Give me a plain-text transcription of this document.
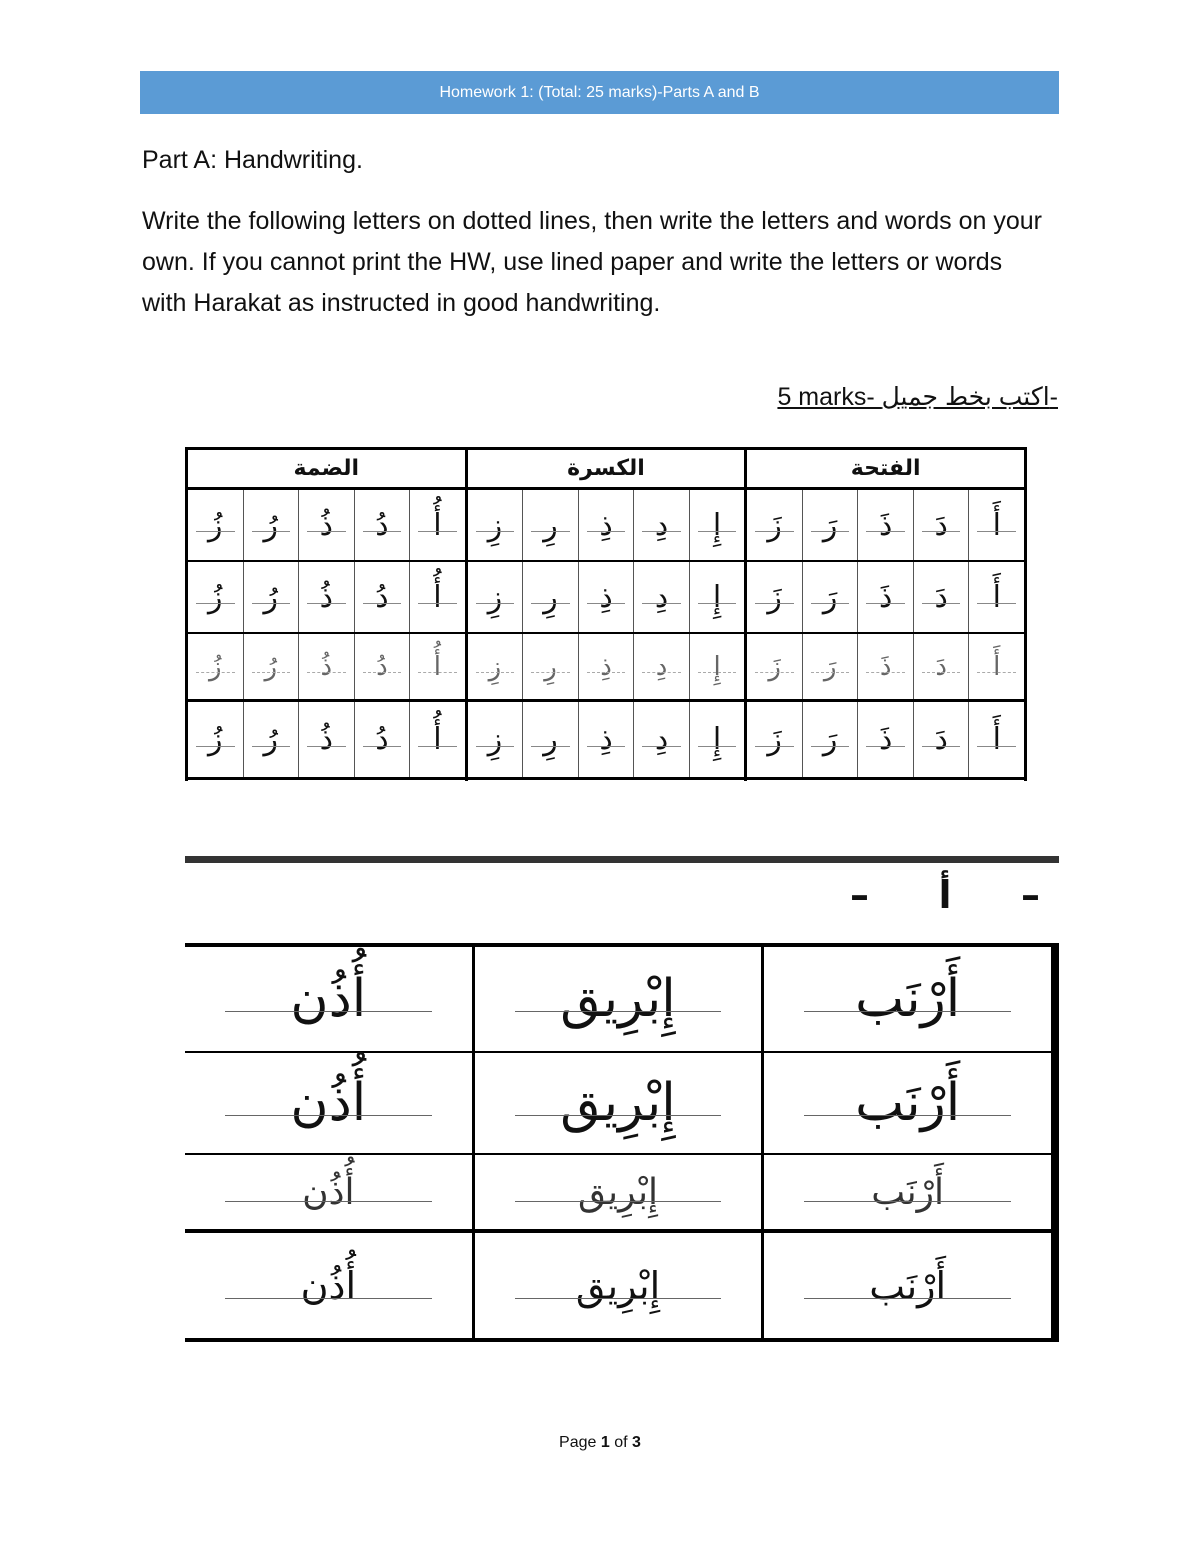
Homework 1: (Total: 25 marks)-Parts A and B
Part A: Handwriting.
Write the following letters on dotted lines, then write the letters and words on your own. If you cannot print the HW, use lined paper and write the letters or words with Harakat as instructed in good handwriting.
5 marks- اكتب بخط جميل-
الفتحة
أَ
دَ
ذَ
رَ
زَ
أَ
دَ
ذَ
رَ
زَ
أَ
دَ
ذَ
رَ
زَ
أَ
دَ
ذَ
رَ
زَ
الكسرة
إِ
دِ
ذِ
رِ
زِ
إِ
دِ
ذِ
رِ
زِ
إِ
دِ
ذِ
رِ
زِ
إِ
دِ
ذِ
رِ
زِ
الضمة
أُ
دُ
ذُ
رُ
زُ
أُ
دُ
ذُ
رُ
زُ
أُ
دُ
ذُ
رُ
زُ
أُ
دُ
ذُ
رُ
زُ
–
أ
–
أَرْنَب
إِبْرِيق
أُذُن
أَرْنَب
إِبْرِيق
أُذُن
أَرْنَب
إِبْرِيق
أُذُن
أَرْنَب
إِبْرِيق
أُذُن
Page 1 of 3
